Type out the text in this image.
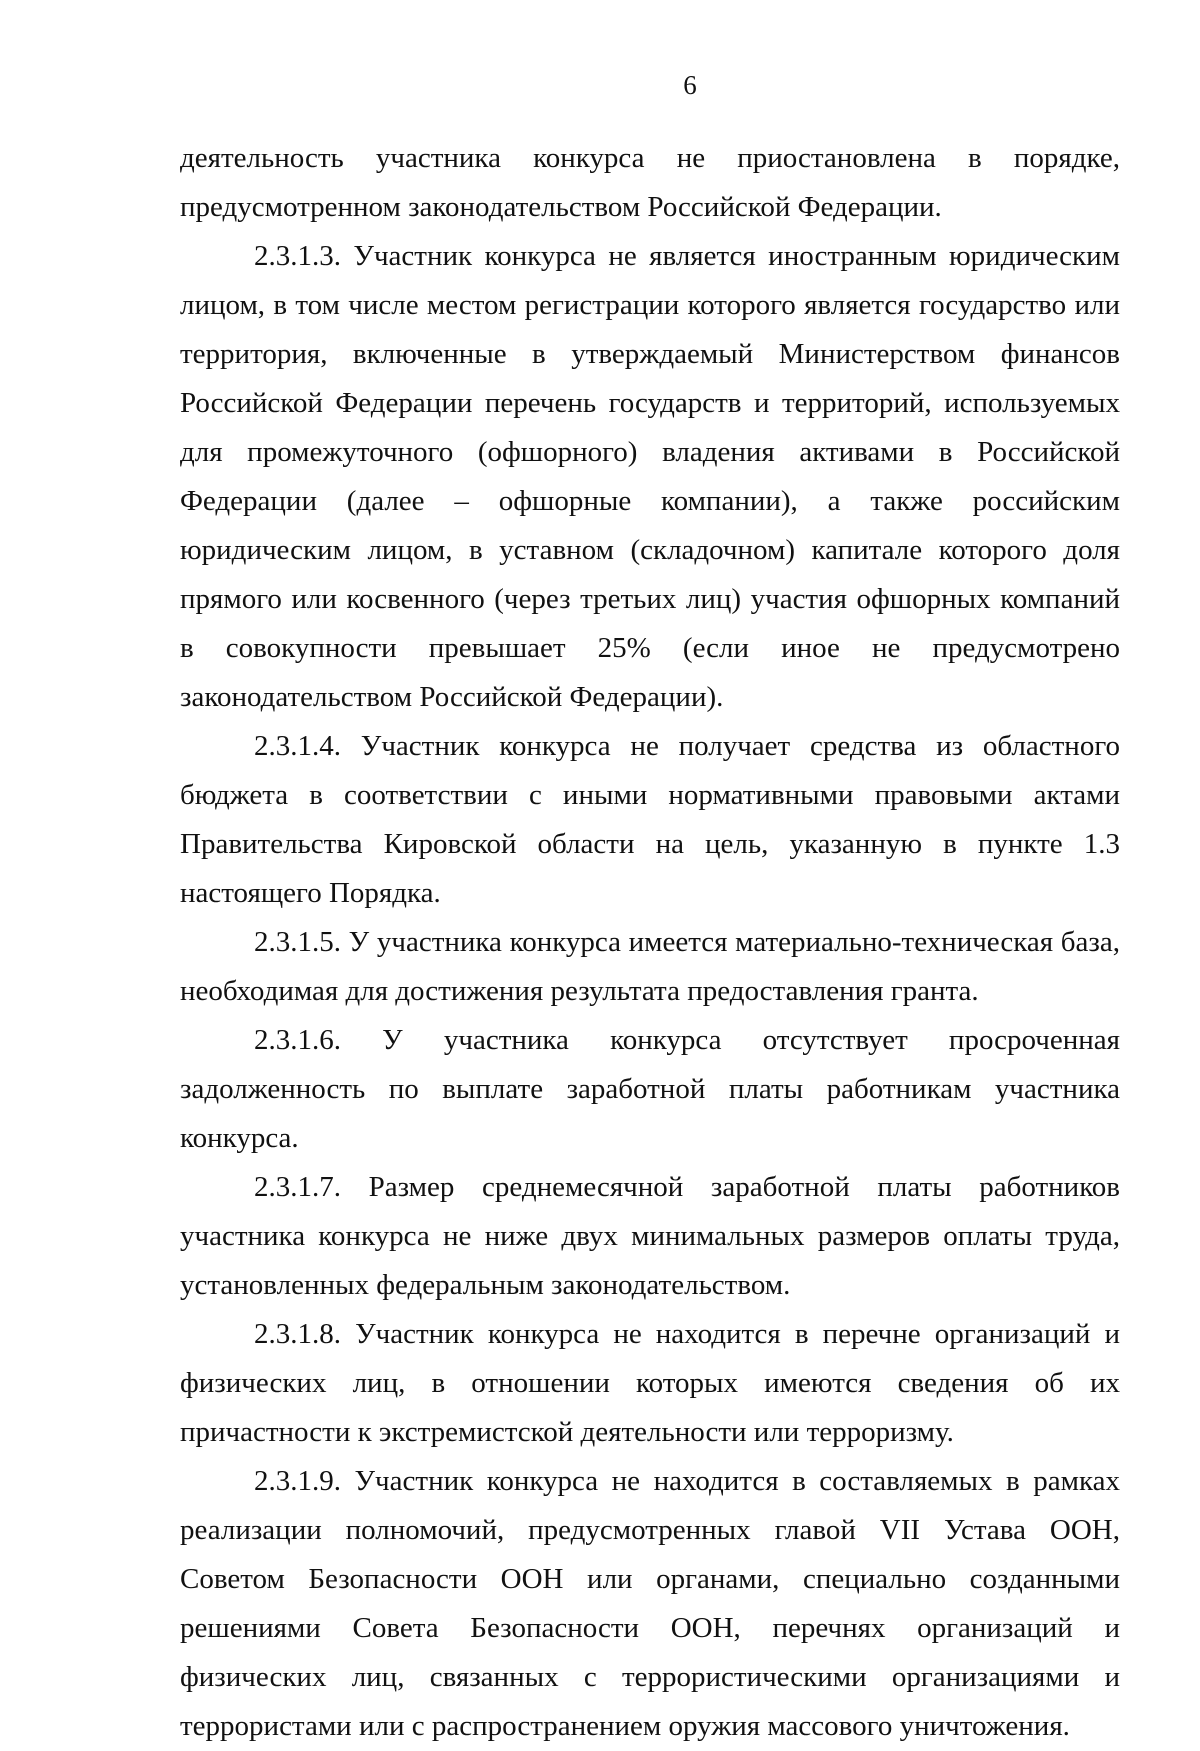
6

деятельность участника конкурса не приостановлена в порядке, предусмотренном законодательством Российской Федерации.

2.3.1.3. Участник конкурса не является иностранным юридическим лицом, в том числе местом регистрации которого является государство или территория, включенные в утверждаемый Министерством финансов Российской Федерации перечень государств и территорий, используемых для промежуточного (офшорного) владения активами в Российской Федерации (далее – офшорные компании), а также российским юридическим лицом, в уставном (складочном) капитале которого доля прямого или косвенного (через третьих лиц) участия офшорных компаний в совокупности превышает 25% (если иное не предусмотрено законодательством Российской Федерации).

2.3.1.4. Участник конкурса не получает средства из областного бюджета в соответствии с иными нормативными правовыми актами Правительства Кировской области на цель, указанную в пункте 1.3 настоящего Порядка.

2.3.1.5. У участника конкурса имеется материально-техническая база, необходимая для достижения результата предоставления гранта.

2.3.1.6. У участника конкурса отсутствует просроченная задолженность по выплате заработной платы работникам участника конкурса.

2.3.1.7. Размер среднемесячной заработной платы работников участника конкурса не ниже двух минимальных размеров оплаты труда, установленных федеральным законодательством.

2.3.1.8. Участник конкурса не находится в перечне организаций и физических лиц, в отношении которых имеются сведения об их причастности к экстремистской деятельности или терроризму.

2.3.1.9. Участник конкурса не находится в составляемых в рамках реализации полномочий, предусмотренных главой VII Устава ООН, Советом Безопасности ООН или органами, специально созданными решениями Совета Безопасности ООН, перечнях организаций и физических лиц, связанных с террористическими организациями и террористами или с распространением оружия массового уничтожения.
